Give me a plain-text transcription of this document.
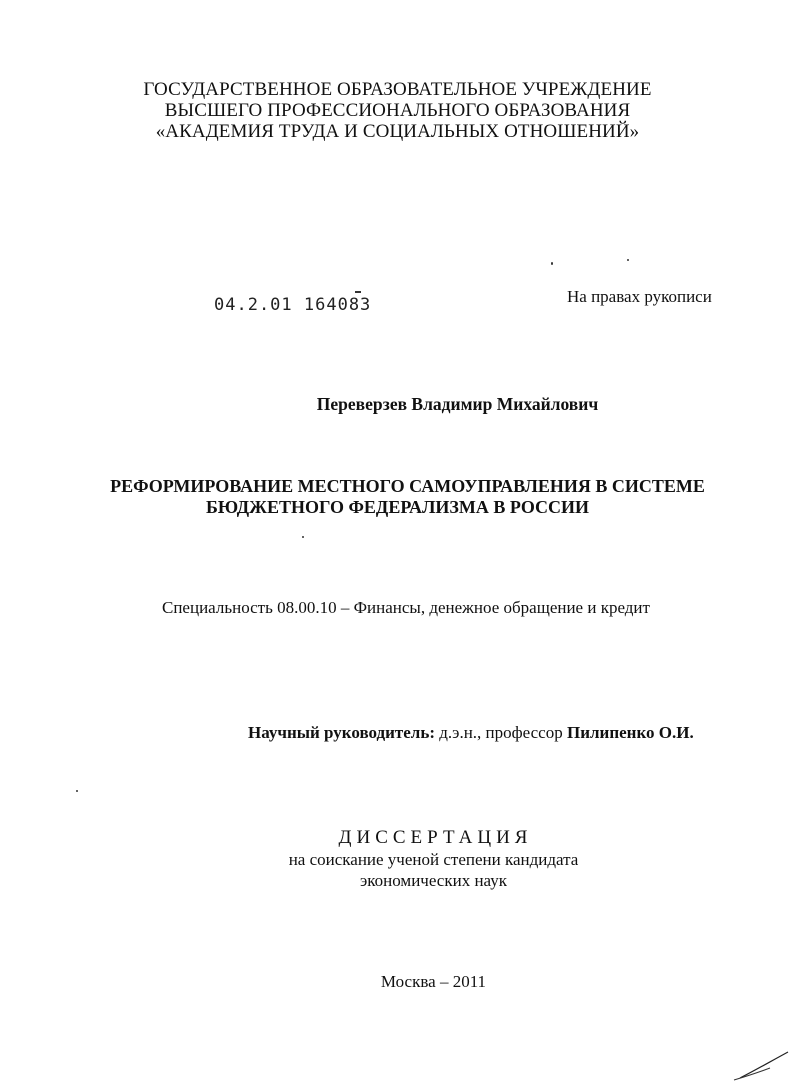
ГОСУДАРСТВЕННОЕ ОБРАЗОВАТЕЛЬНОЕ УЧРЕЖДЕНИЕ
ВЫСШЕГО ПРОФЕССИОНАЛЬНОГО ОБРАЗОВАНИЯ
«АКАДЕМИЯ ТРУДА И СОЦИАЛЬНЫХ ОТНОШЕНИЙ»
04.2.01 164083	На правах рукописи
Переверзев Владимир Михайлович
РЕФОРМИРОВАНИЕ МЕСТНОГО САМОУПРАВЛЕНИЯ В СИСТЕМЕ
БЮДЖЕТНОГО ФЕДЕРАЛИЗМА В РОССИИ
Специальность 08.00.10 – Финансы, денежное обращение и кредит
Научный руководитель: д.э.н., профессор Пилипенко О.И.
ДИССЕРТАЦИЯ
на соискание ученой степени кандидата
экономических наук
Москва – 2011
